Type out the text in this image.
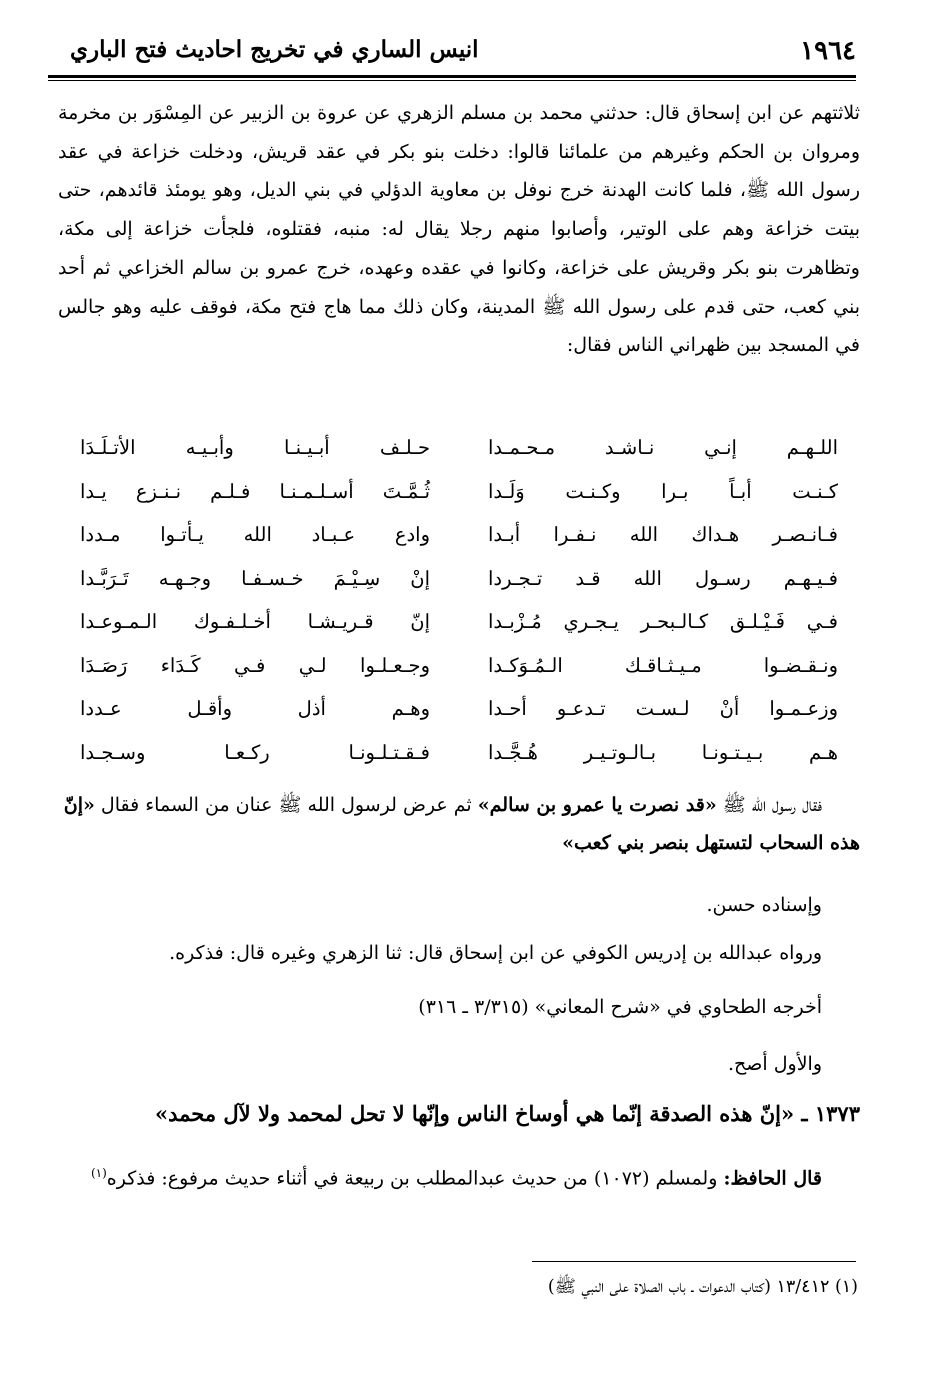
١٩٦٤
انيس الساري في تخريج احاديث فتح الباري

ثلاثتهم عن ابن إسحاق قال: حدثني محمد بن مسلم الزهري عن عروة بن الزبير عن المِسْوَر بن مخرمة ومروان بن الحكم وغيرهم من علمائنا قالوا: دخلت بنو بكر في عقد قريش، ودخلت خزاعة في عقد رسول الله ﷺ، فلما كانت الهدنة خرج نوفل بن معاوية الدؤلي في بني الديل، وهو يومئذ قائدهم، حتى بيتت خزاعة وهم على الوتير، وأصابوا منهم رجلا يقال له: منبه، فقتلوه، فلجأت خزاعة إلى مكة، وتظاهرت بنو بكر وقريش على خزاعة، وكانوا في عقده وعهده، خرج عمرو بن سالم الخزاعي ثم أحد بني كعب، حتى قدم على رسول الله ﷺ المدينة، وكان ذلك مما هاج فتح مكة، فوقف عليه وهو جالس في المسجد بين ظهراني الناس فقال:

اللـهـم إنـي نـاشـد مـحـمـدا
حـلـف أبـيـنـا وأبـيـه الأتـلَـدَا
كـنـت أبـاً بـرا وكـنـت وَلَـدا
ثُـمَّـتَ أسـلـمـنـا فـلـم نـنـزع يـدا
فـانـصـر هـداك الله نـفـرا أبـدا
وادع عـبـاد الله يـأتـوا مـددا
فـيـهـم رسـول الله قـد تـجـردا
إنْ سِـيْـمَ خـسـفـا وجـهـه تَـرَبَّـدا
فـي فَـيْـلـق كـالـبحـر يـجـري مُـزْبـدا
إنّ قـريـشـا أخـلـفـوك الـمـوعـدا
ونـقـضـوا مـيـثـاقـك الـمُـوَكـدا
وجـعـلـوا لـي فـي كَـدَاء رَصَـدَا
وزعـمـوا أنْ لـسـت تـدعـو أحـدا
وهـم أذل وأقـل عـددا
هـم بـيـتـونـا بـالـوتـيـر هُـجَّـدا
فـقـتـلـونـا ركـعـا وسـجـدا
فقال رسول الله ﷺ «قد نصرت يا عمرو بن سالم» ثم عرض لرسول الله ﷺ عنان من السماء فقال «إنّ هذه السحاب لتستهل بنصر بني كعب»
وإسناده حسن.
ورواه عبدالله بن إدريس الكوفي عن ابن إسحاق قال: ثنا الزهري وغيره قال: فذكره.
أخرجه الطحاوي في «شرح المعاني» (٣/٣١٥ ـ ٣١٦)
والأول أصح.
١٣٧٣ ـ «إنّ هذه الصدقة إنّما هي أوساخ الناس وإنّها لا تحل لمحمد ولا لآل محمد»
قال الحافظ: ولمسلم (١٠٧٢) من حديث عبدالمطلب بن ربيعة في أثناء حديث مرفوع: فذكره$^{(١)}$
(١) ١٣/٤١٢ (كتاب الدعوات ـ باب الصلاة على النبي ﷺ)
